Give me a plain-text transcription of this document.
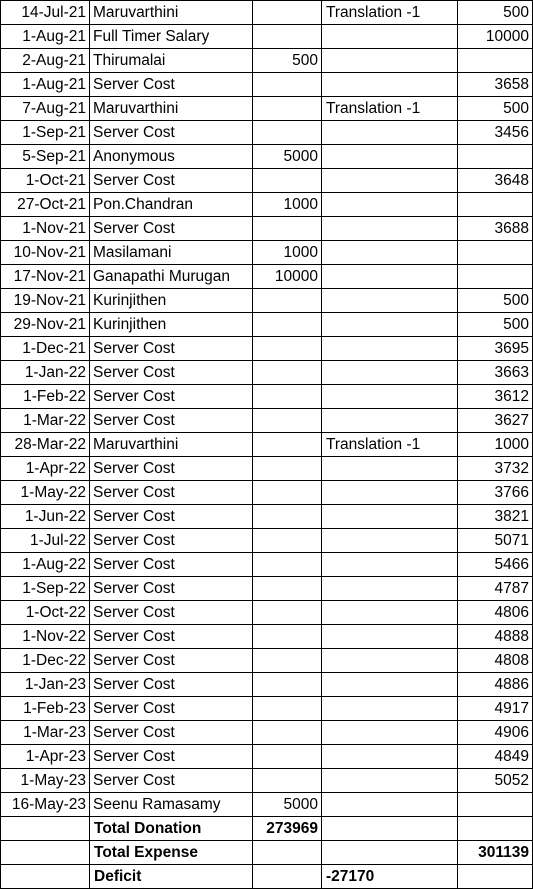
14-Jul-21	Maruvarthini		Translation -1	500
1-Aug-21	Full Timer Salary			10000
2-Aug-21	Thirumalai	500		
1-Aug-21	Server Cost			3658
7-Aug-21	Maruvarthini		Translation -1	500
1-Sep-21	Server Cost			3456
5-Sep-21	Anonymous	5000		
1-Oct-21	Server Cost			3648
27-Oct-21	Pon.Chandran	1000		
1-Nov-21	Server Cost			3688
10-Nov-21	Masilamani	1000		
17-Nov-21	Ganapathi Murugan	10000		
19-Nov-21	Kurinjithen			500
29-Nov-21	Kurinjithen			500
1-Dec-21	Server Cost			3695
1-Jan-22	Server Cost			3663
1-Feb-22	Server Cost			3612
1-Mar-22	Server Cost			3627
28-Mar-22	Maruvarthini		Translation -1	1000
1-Apr-22	Server Cost			3732
1-May-22	Server Cost			3766
1-Jun-22	Server Cost			3821
1-Jul-22	Server Cost			5071
1-Aug-22	Server Cost			5466
1-Sep-22	Server Cost			4787
1-Oct-22	Server Cost			4806
1-Nov-22	Server Cost			4888
1-Dec-22	Server Cost			4808
1-Jan-23	Server Cost			4886
1-Feb-23	Server Cost			4917
1-Mar-23	Server Cost			4906
1-Apr-23	Server Cost			4849
1-May-23	Server Cost			5052
16-May-23	Seenu Ramasamy	5000		
	Total Donation	273969		
	Total Expense			301139
	Deficit		-27170	
